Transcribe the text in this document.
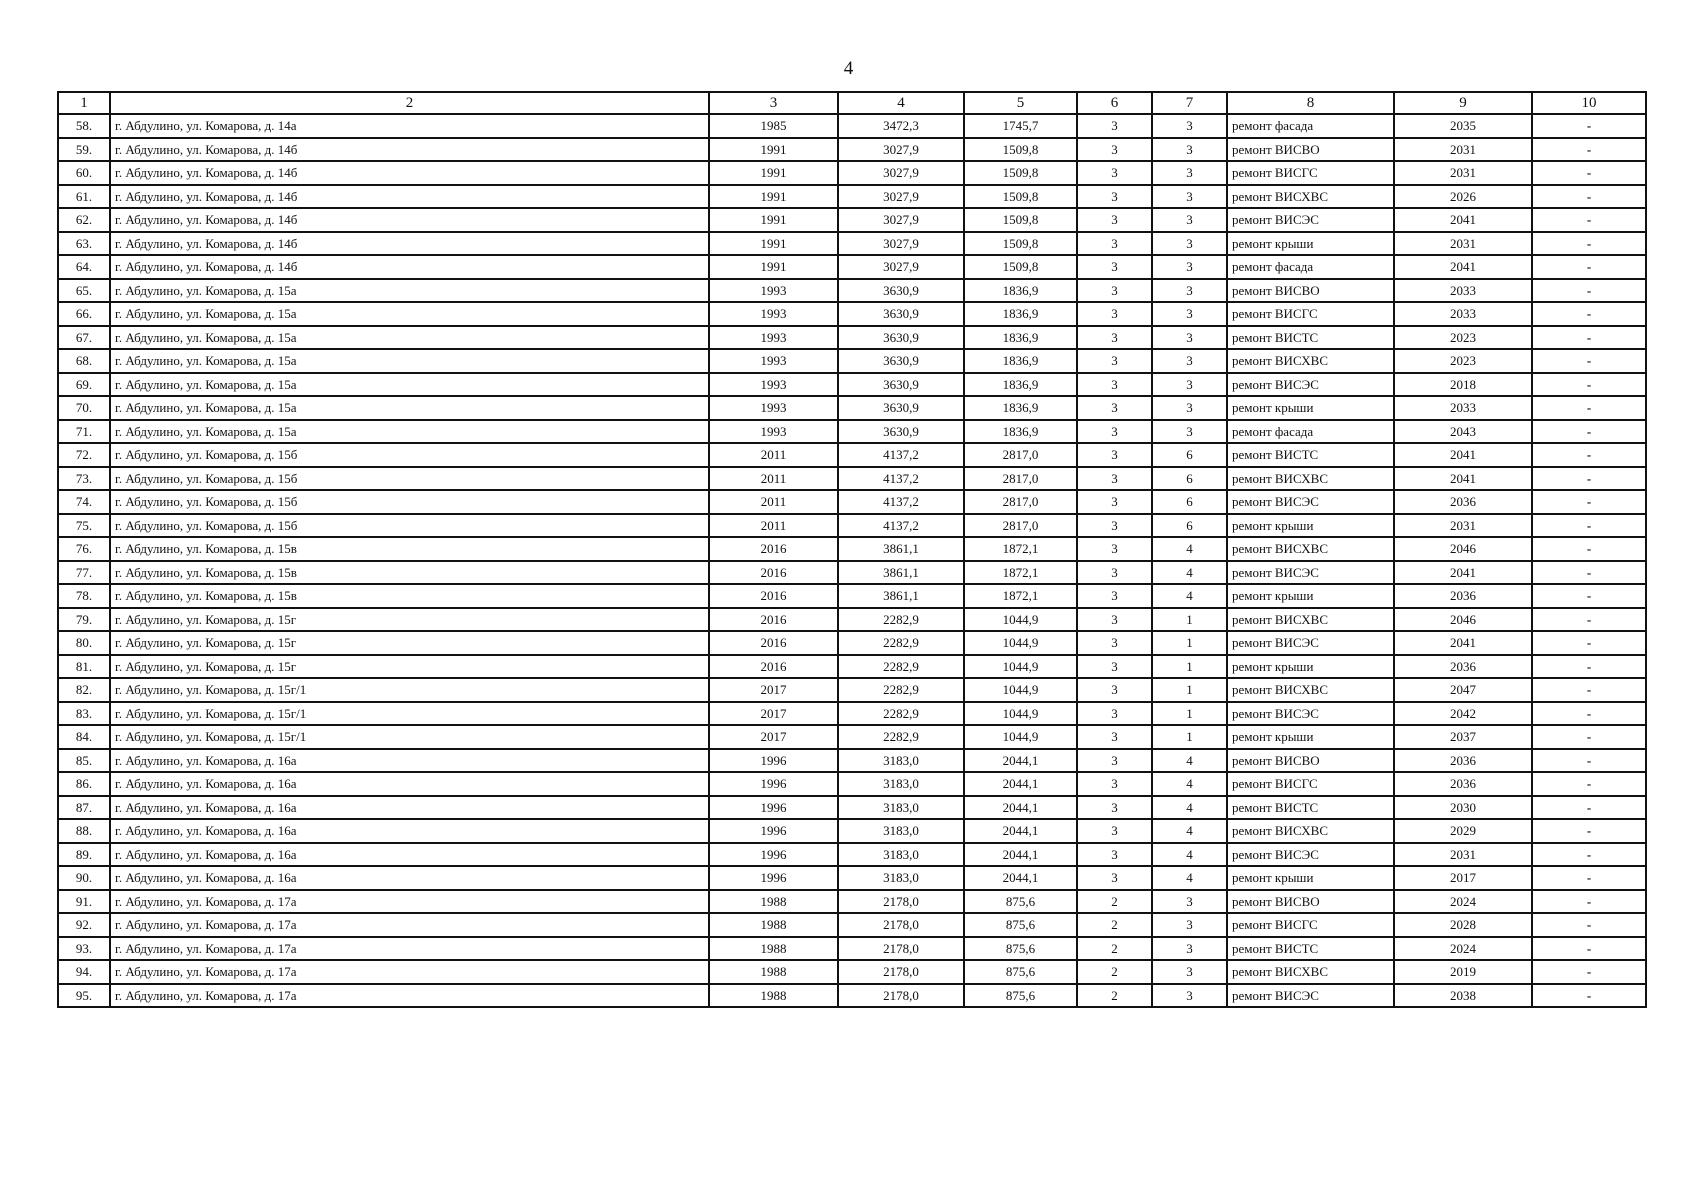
4
1	2	3	4	5	6	7	8	9	10
58.	г. Абдулино, ул. Комарова, д. 14а	1985	3472,3	1745,7	3	3	ремонт фасада	2035	-
59.	г. Абдулино, ул. Комарова, д. 14б	1991	3027,9	1509,8	3	3	ремонт ВИСВО	2031	-
60.	г. Абдулино, ул. Комарова, д. 14б	1991	3027,9	1509,8	3	3	ремонт ВИСГС	2031	-
61.	г. Абдулино, ул. Комарова, д. 14б	1991	3027,9	1509,8	3	3	ремонт ВИСХВС	2026	-
62.	г. Абдулино, ул. Комарова, д. 14б	1991	3027,9	1509,8	3	3	ремонт ВИСЭС	2041	-
63.	г. Абдулино, ул. Комарова, д. 14б	1991	3027,9	1509,8	3	3	ремонт крыши	2031	-
64.	г. Абдулино, ул. Комарова, д. 14б	1991	3027,9	1509,8	3	3	ремонт фасада	2041	-
65.	г. Абдулино, ул. Комарова, д. 15а	1993	3630,9	1836,9	3	3	ремонт ВИСВО	2033	-
66.	г. Абдулино, ул. Комарова, д. 15а	1993	3630,9	1836,9	3	3	ремонт ВИСГС	2033	-
67.	г. Абдулино, ул. Комарова, д. 15а	1993	3630,9	1836,9	3	3	ремонт ВИСТС	2023	-
68.	г. Абдулино, ул. Комарова, д. 15а	1993	3630,9	1836,9	3	3	ремонт ВИСХВС	2023	-
69.	г. Абдулино, ул. Комарова, д. 15а	1993	3630,9	1836,9	3	3	ремонт ВИСЭС	2018	-
70.	г. Абдулино, ул. Комарова, д. 15а	1993	3630,9	1836,9	3	3	ремонт крыши	2033	-
71.	г. Абдулино, ул. Комарова, д. 15а	1993	3630,9	1836,9	3	3	ремонт фасада	2043	-
72.	г. Абдулино, ул. Комарова, д. 15б	2011	4137,2	2817,0	3	6	ремонт ВИСТС	2041	-
73.	г. Абдулино, ул. Комарова, д. 15б	2011	4137,2	2817,0	3	6	ремонт ВИСХВС	2041	-
74.	г. Абдулино, ул. Комарова, д. 15б	2011	4137,2	2817,0	3	6	ремонт ВИСЭС	2036	-
75.	г. Абдулино, ул. Комарова, д. 15б	2011	4137,2	2817,0	3	6	ремонт крыши	2031	-
76.	г. Абдулино, ул. Комарова, д. 15в	2016	3861,1	1872,1	3	4	ремонт ВИСХВС	2046	-
77.	г. Абдулино, ул. Комарова, д. 15в	2016	3861,1	1872,1	3	4	ремонт ВИСЭС	2041	-
78.	г. Абдулино, ул. Комарова, д. 15в	2016	3861,1	1872,1	3	4	ремонт крыши	2036	-
79.	г. Абдулино, ул. Комарова, д. 15г	2016	2282,9	1044,9	3	1	ремонт ВИСХВС	2046	-
80.	г. Абдулино, ул. Комарова, д. 15г	2016	2282,9	1044,9	3	1	ремонт ВИСЭС	2041	-
81.	г. Абдулино, ул. Комарова, д. 15г	2016	2282,9	1044,9	3	1	ремонт крыши	2036	-
82.	г. Абдулино, ул. Комарова, д. 15г/1	2017	2282,9	1044,9	3	1	ремонт ВИСХВС	2047	-
83.	г. Абдулино, ул. Комарова, д. 15г/1	2017	2282,9	1044,9	3	1	ремонт ВИСЭС	2042	-
84.	г. Абдулино, ул. Комарова, д. 15г/1	2017	2282,9	1044,9	3	1	ремонт крыши	2037	-
85.	г. Абдулино, ул. Комарова, д. 16а	1996	3183,0	2044,1	3	4	ремонт ВИСВО	2036	-
86.	г. Абдулино, ул. Комарова, д. 16а	1996	3183,0	2044,1	3	4	ремонт ВИСГС	2036	-
87.	г. Абдулино, ул. Комарова, д. 16а	1996	3183,0	2044,1	3	4	ремонт ВИСТС	2030	-
88.	г. Абдулино, ул. Комарова, д. 16а	1996	3183,0	2044,1	3	4	ремонт ВИСХВС	2029	-
89.	г. Абдулино, ул. Комарова, д. 16а	1996	3183,0	2044,1	3	4	ремонт ВИСЭС	2031	-
90.	г. Абдулино, ул. Комарова, д. 16а	1996	3183,0	2044,1	3	4	ремонт крыши	2017	-
91.	г. Абдулино, ул. Комарова, д. 17а	1988	2178,0	875,6	2	3	ремонт ВИСВО	2024	-
92.	г. Абдулино, ул. Комарова, д. 17а	1988	2178,0	875,6	2	3	ремонт ВИСГС	2028	-
93.	г. Абдулино, ул. Комарова, д. 17а	1988	2178,0	875,6	2	3	ремонт ВИСТС	2024	-
94.	г. Абдулино, ул. Комарова, д. 17а	1988	2178,0	875,6	2	3	ремонт ВИСХВС	2019	-
95.	г. Абдулино, ул. Комарова, д. 17а	1988	2178,0	875,6	2	3	ремонт ВИСЭС	2038	-
